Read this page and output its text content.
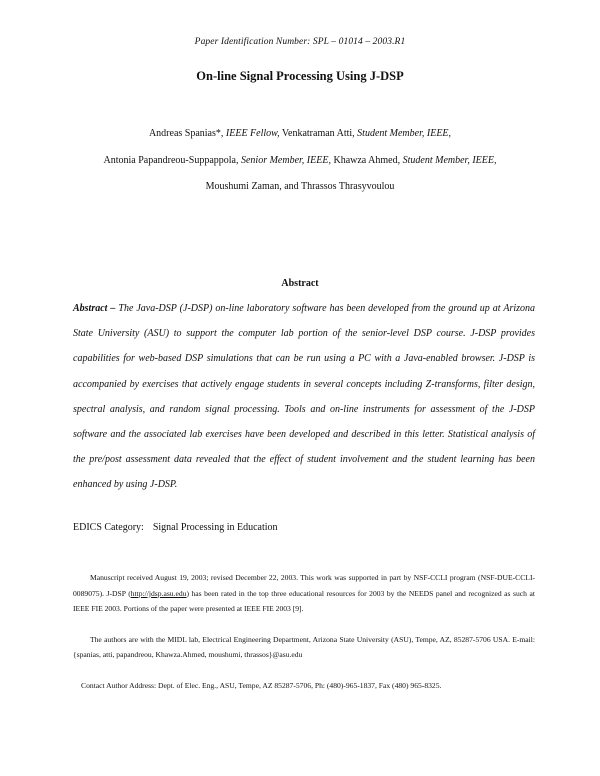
Paper Identification Number: SPL – 01014 – 2003.R1
On-line Signal Processing Using J-DSP
Andreas Spanias*, IEEE Fellow, Venkatraman Atti, Student Member, IEEE,
Antonia Papandreou-Suppappola, Senior Member, IEEE, Khawza Ahmed, Student Member, IEEE,
Moushumi Zaman, and Thrassos Thrasyvoulou
Abstract
Abstract – The Java-DSP (J-DSP) on-line laboratory software has been developed from the ground up at Arizona State University (ASU) to support the computer lab portion of the senior-level DSP course. J-DSP provides capabilities for web-based DSP simulations that can be run using a PC with a Java-enabled browser. J-DSP is accompanied by exercises that actively engage students in several concepts including Z-transforms, filter design, spectral analysis, and random signal processing. Tools and on-line instruments for assessment of the J-DSP software and the associated lab exercises have been developed and described in this letter. Statistical analysis of the pre/post assessment data revealed that the effect of student involvement and the student learning has been enhanced by using J-DSP.
EDICS Category: Signal Processing in Education
Manuscript received August 19, 2003; revised December 22, 2003. This work was supported in part by NSF-CCLI program (NSF-DUE-CCLI-0089075). J-DSP (http://jdsp.asu.edu) has been rated in the top three educational resources for 2003 by the NEEDS panel and recognized as such at IEEE FIE 2003. Portions of the paper were presented at IEEE FIE 2003 [9].
The authors are with the MIDL lab, Electrical Engineering Department, Arizona State University (ASU), Tempe, AZ, 85287-5706 USA. E-mail: {spanias, atti, papandreou, Khawza.Ahmed, moushumi, thrassos}@asu.edu
Contact Author Address: Dept. of Elec. Eng., ASU, Tempe, AZ 85287-5706, Ph: (480)-965-1837, Fax (480) 965-8325.
